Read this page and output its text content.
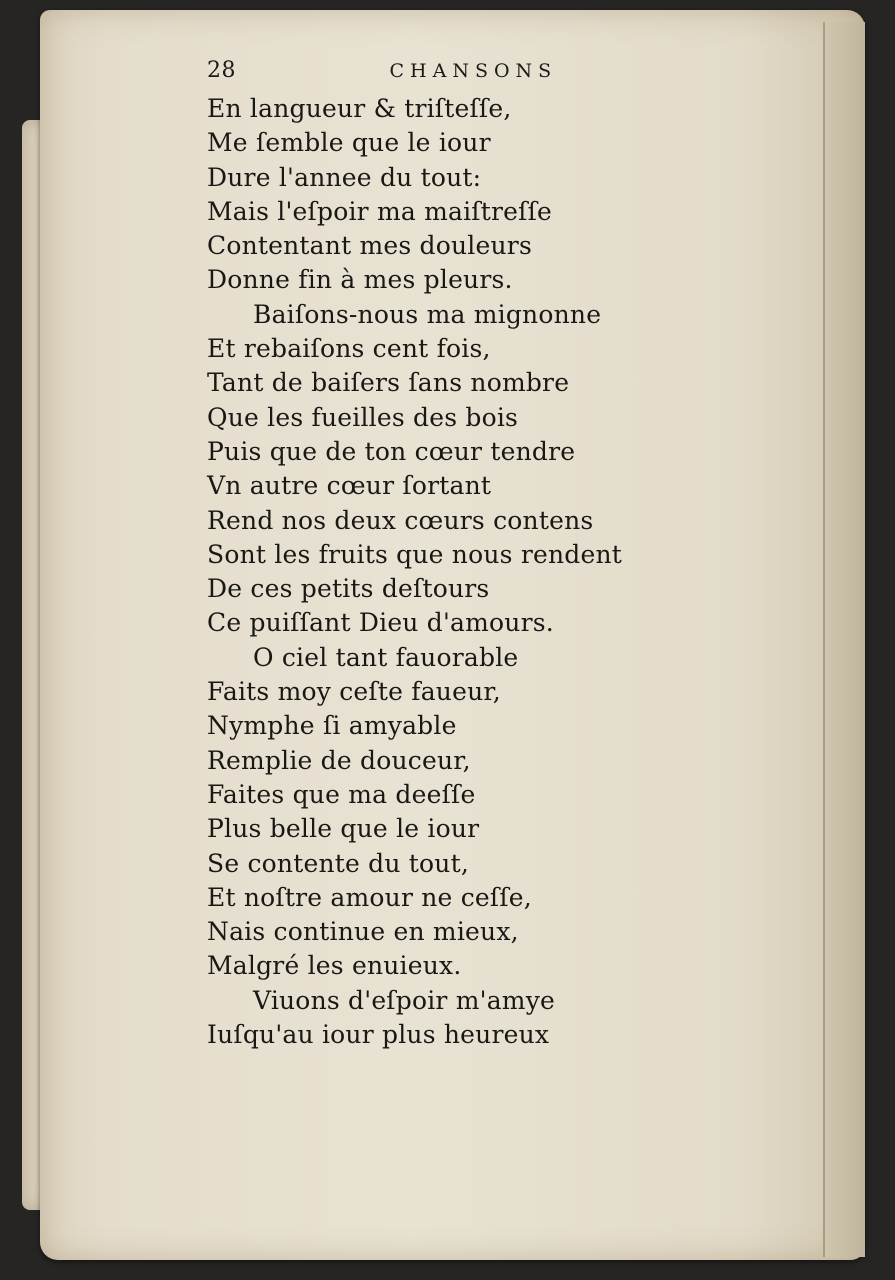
28	CHANSONS
En langueur & triſteſſe,
Me ſemble que le iour
Dure l'annee du tout:
Mais l'eſpoir ma maiſtreſſe
Contentant mes douleurs
Donne fin à mes pleurs.
Baiſons-nous ma mignonne
Et rebaiſons cent fois,
Tant de baiſers ſans nombre
Que les fueilles des bois
Puis que de ton cœur tendre
Vn autre cœur ſortant
Rend nos deux cœurs contens
Sont les fruits que nous rendent
De ces petits deſtours
Ce puiſſant Dieu d'amours.
O ciel tant fauorable
Faits moy ceſte faueur,
Nymphe ſi amyable
Remplie de douceur,
Faites que ma deeſſe
Plus belle que le iour
Se contente du tout,
Et noſtre amour ne ceſſe,
Nais continue en mieux,
Malgré les enuieux.
Viuons d'eſpoir m'amye
Iuſqu'au iour plus heureux
